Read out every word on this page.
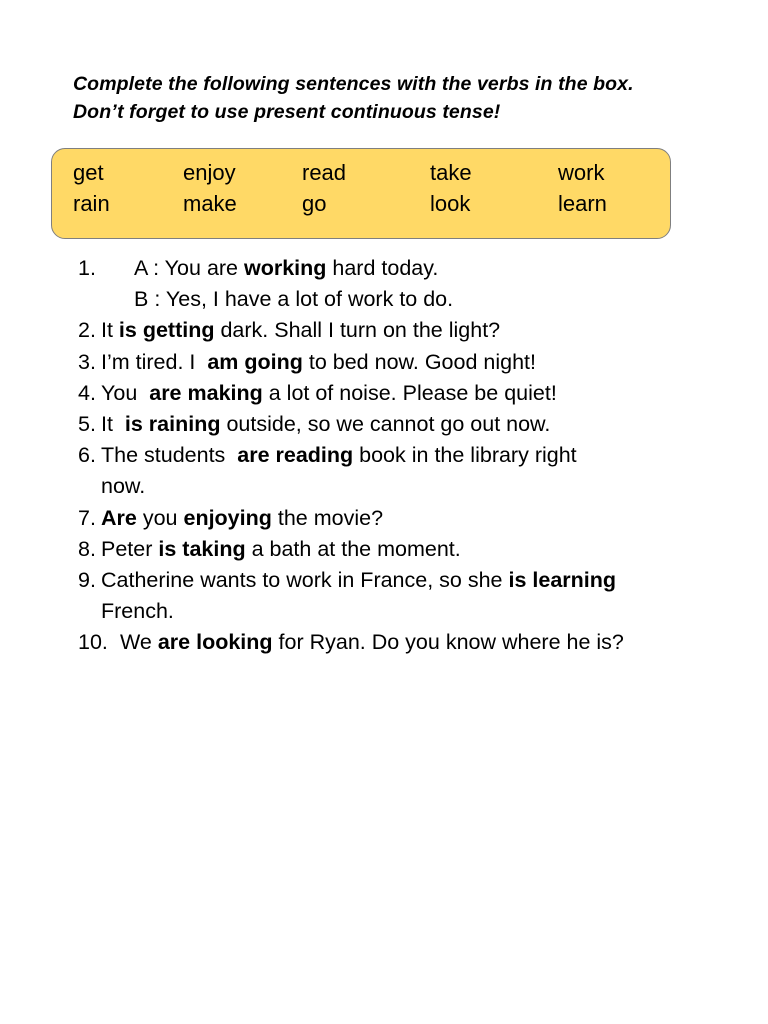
Complete the following sentences with the verbs in the box.
Don’t forget to use present continuous tense!
get	enjoy	read	take	work
rain	make	go	look	learn
1. A : You are working hard today.
B : Yes, I have a lot of work to do.
2. It is getting dark. Shall I turn on the light?
3. I’m tired. I  am going to bed now. Good night!
4. You  are making a lot of noise. Please be quiet!
5. It  is raining outside, so we cannot go out now.
6. The students  are reading book in the library right
now.
7. Are you enjoying the movie?
8. Peter is taking a bath at the moment.
9. Catherine wants to work in France, so she is learning
French.
10. We are looking for Ryan. Do you know where he is?
